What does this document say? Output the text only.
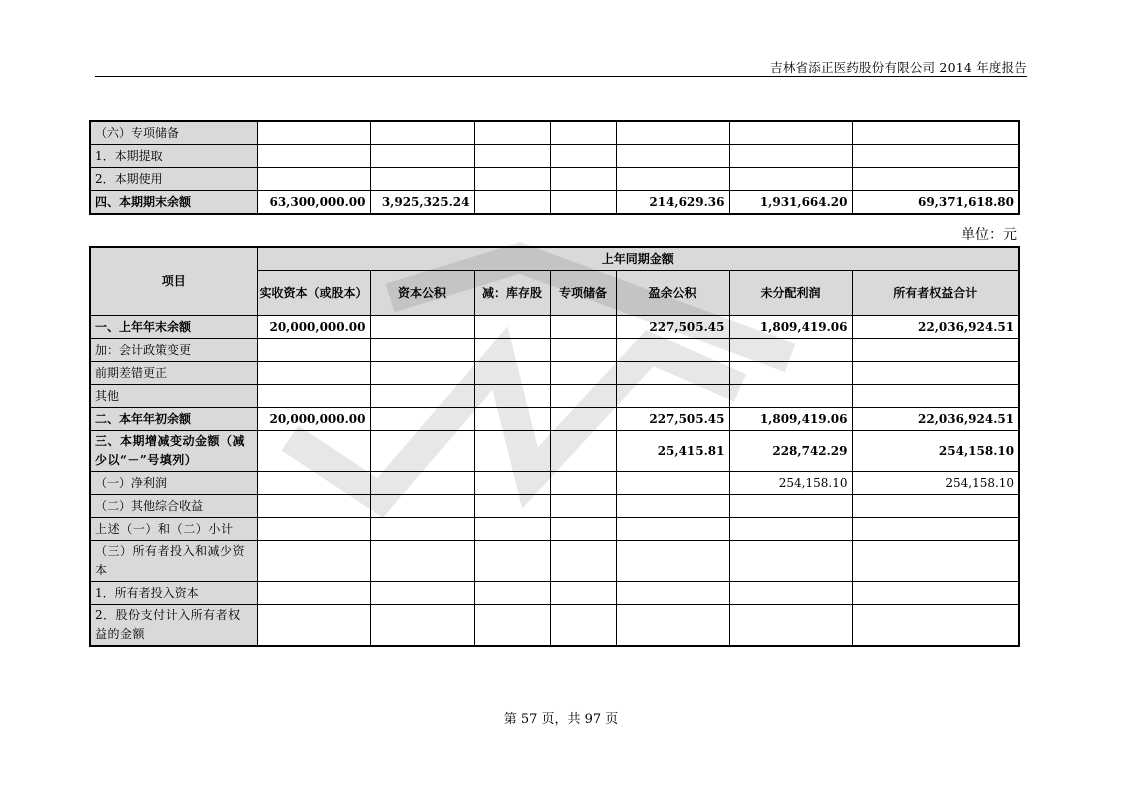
吉林省添正医药股份有限公司 2014 年度报告
（六）专项储备							
1．本期提取							
2．本期使用							
四、本期期末余额	63,300,000.00	3,925,325.24			214,629.36	1,931,664.20	69,371,618.80
单位：元
项目	上年同期金额						
	实收资本（或股本）	资本公积	减：库存股	专项储备	盈余公积	未分配利润	所有者权益合计
一、上年年末余额	20,000,000.00				227,505.45	1,809,419.06	22,036,924.51
加：会计政策变更							
前期差错更正							
其他							
二、本年年初余额	20,000,000.00				227,505.45	1,809,419.06	22,036,924.51
三、本期增减变动金额（减少以“－”号填列）					25,415.81	228,742.29	254,158.10
（一）净利润						254,158.10	254,158.10
（二）其他综合收益							
上述（一）和（二）小计							
（三）所有者投入和减少资本							
1．所有者投入资本							
2．股份支付计入所有者权益的金额							
第 57 页，共 97 页
